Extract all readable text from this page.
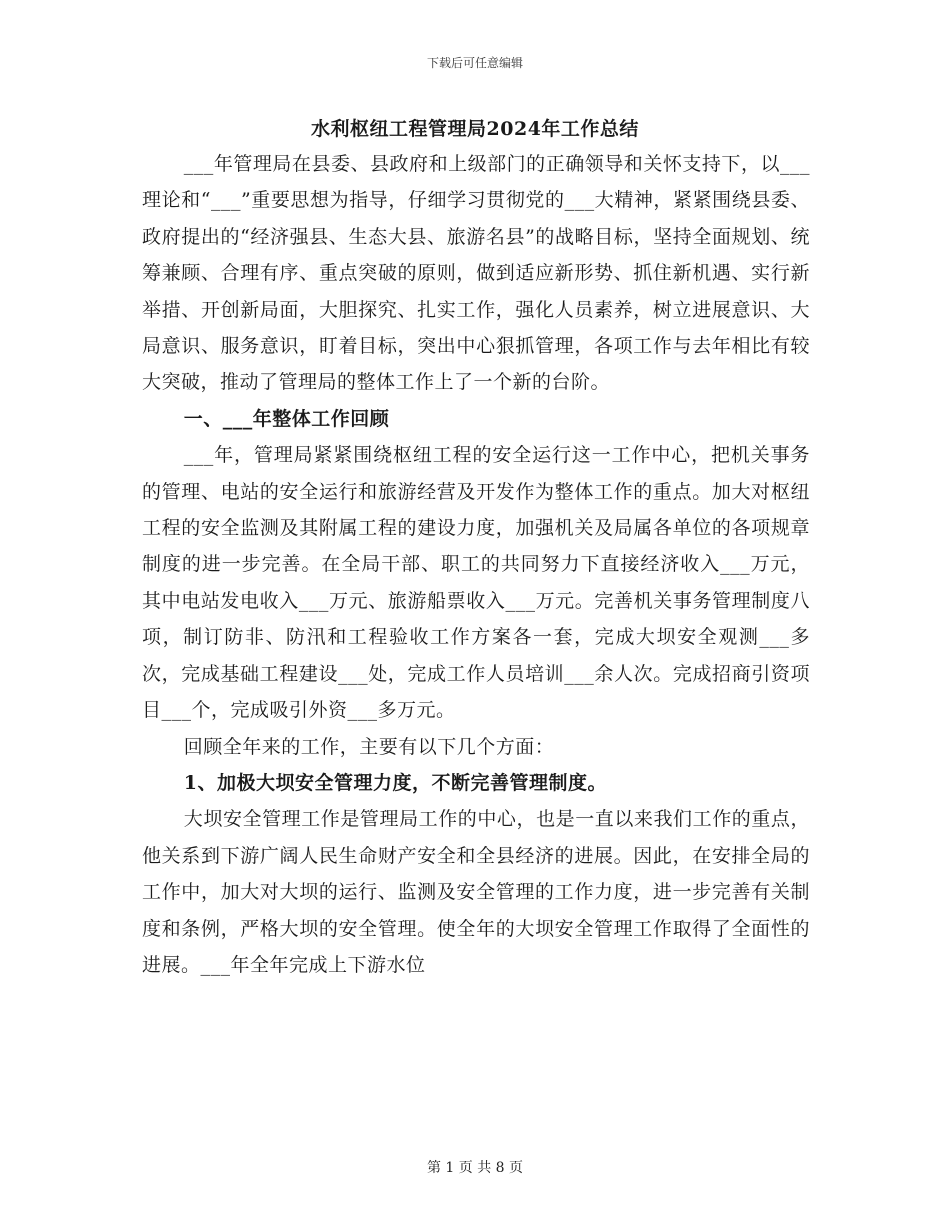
下载后可任意编辑
水利枢纽工程管理局2024年工作总结

___年管理局在县委、县政府和上级部门的正确领导和关怀支持下，以___理论和“___”重要思想为指导，仔细学习贯彻党的___大精神，紧紧围绕县委、政府提出的“经济强县、生态大县、旅游名县”的战略目标，坚持全面规划、统筹兼顾、合理有序、重点突破的原则，做到适应新形势、抓住新机遇、实行新举措、开创新局面，大胆探究、扎实工作，强化人员素养，树立进展意识、大局意识、服务意识，盯着目标，突出中心狠抓管理，各项工作与去年相比有较大突破，推动了管理局的整体工作上了一个新的台阶。

一、___年整体工作回顾

___年，管理局紧紧围绕枢纽工程的安全运行这一工作中心，把机关事务的管理、电站的安全运行和旅游经营及开发作为整体工作的重点。加大对枢纽工程的安全监测及其附属工程的建设力度，加强机关及局属各单位的各项规章制度的进一步完善。在全局干部、职工的共同努力下直接经济收入___万元，其中电站发电收入___万元、旅游船票收入___万元。完善机关事务管理制度八项，制订防非、防汛和工程验收工作方案各一套，完成大坝安全观测___多次，完成基础工程建设___处，完成工作人员培训___余人次。完成招商引资项目___个，完成吸引外资___多万元。

回顾全年来的工作，主要有以下几个方面：

1、加极大坝安全管理力度，不断完善管理制度。

大坝安全管理工作是管理局工作的中心，也是一直以来我们工作的重点，他关系到下游广阔人民生命财产安全和全县经济的进展。因此，在安排全局的工作中，加大对大坝的运行、监测及安全管理的工作力度，进一步完善有关制度和条例，严格大坝的安全管理。使全年的大坝安全管理工作取得了全面性的进展。___年全年完成上下游水位

第 1 页 共 8 页
